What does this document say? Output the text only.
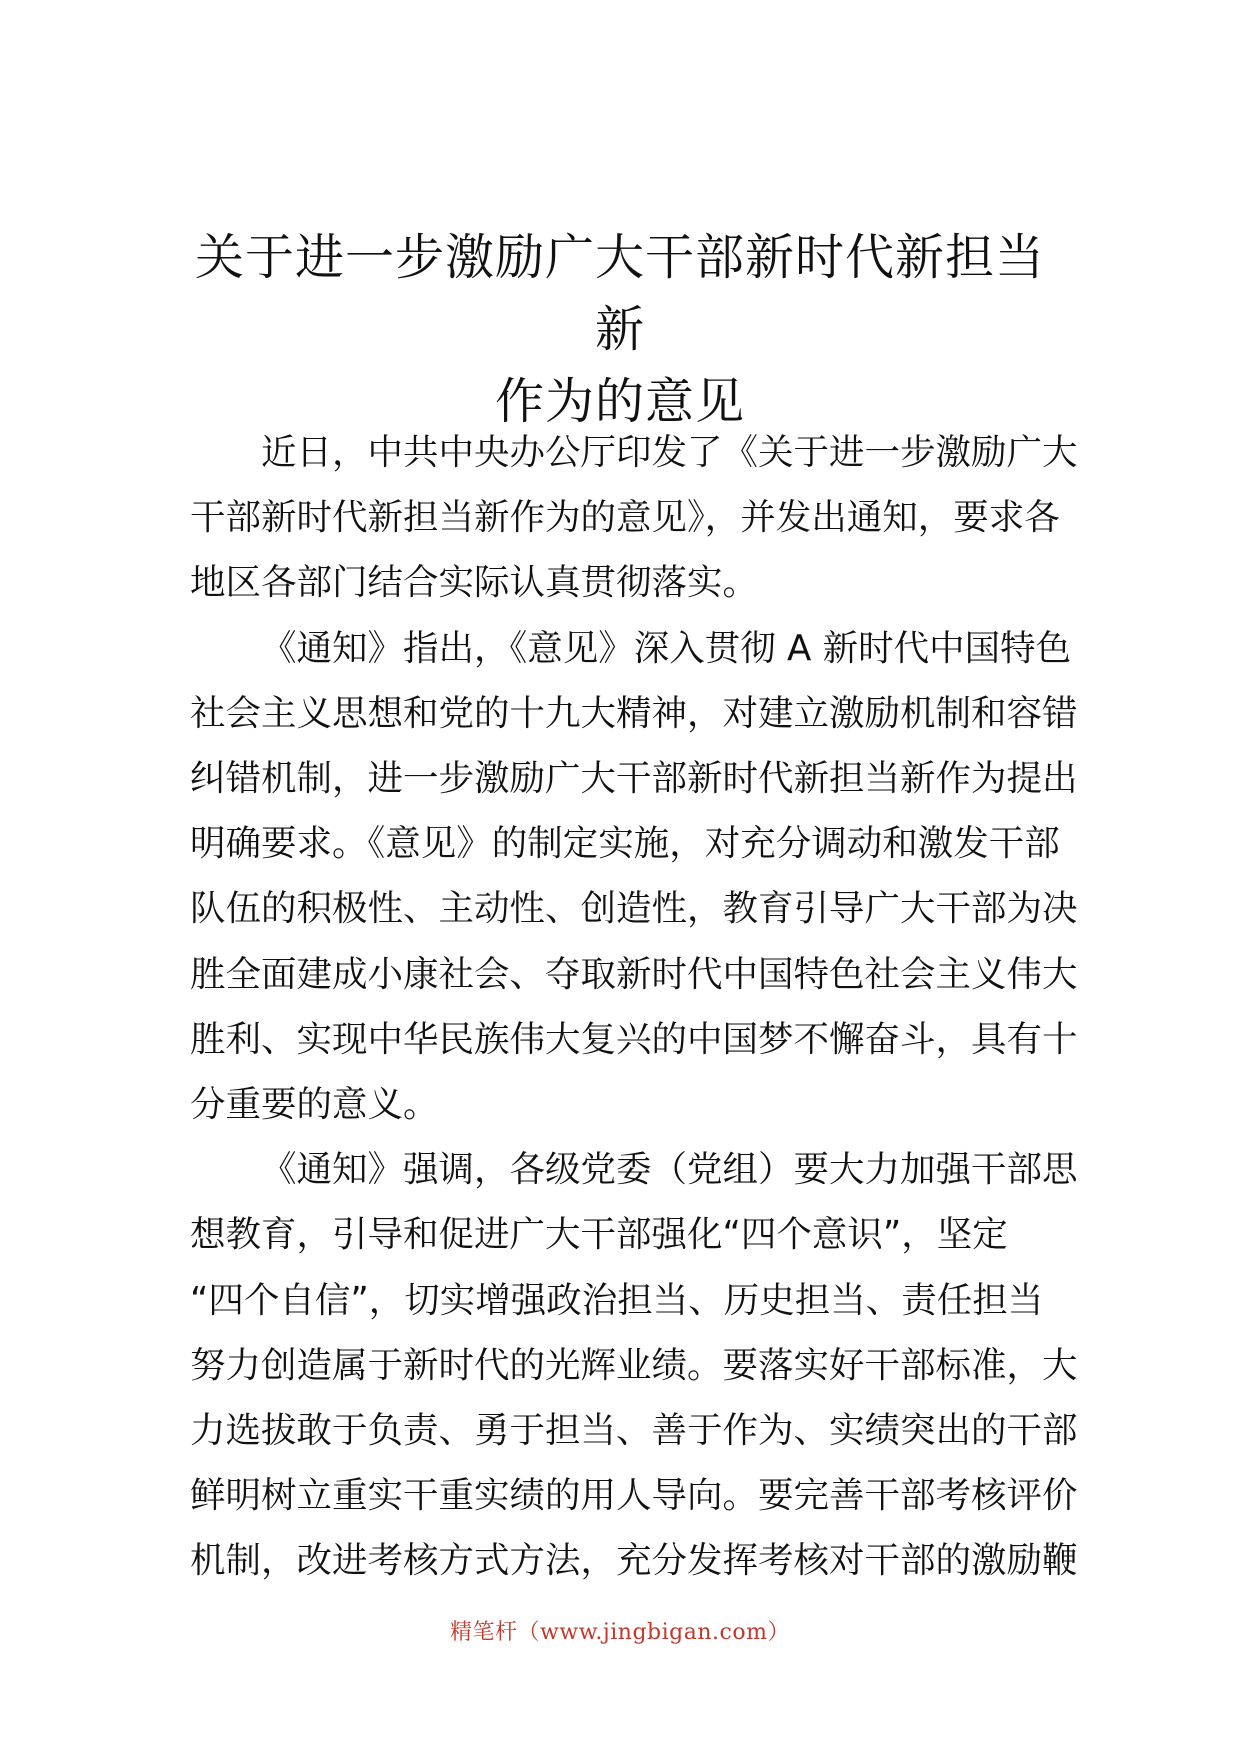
关于进一步激励广大干部新时代新担当新
作为的意见

近日，中共中央办公厅印发了《关于进一步激励广大
干部新时代新担当新作为的意见》，并发出通知，要求各
地区各部门结合实际认真贯彻落实。

《通知》指出，《意见》深入贯彻 A 新时代中国特色
社会主义思想和党的十九大精神，对建立激励机制和容错
纠错机制，进一步激励广大干部新时代新担当新作为提出
明确要求。《意见》的制定实施，对充分调动和激发干部
队伍的积极性、主动性、创造性，教育引导广大干部为决
胜全面建成小康社会、夺取新时代中国特色社会主义伟大
胜利、实现中华民族伟大复兴的中国梦不懈奋斗，具有十
分重要的意义。

《通知》强调，各级党委（党组）要大力加强干部思
想教育，引导和促进广大干部强化“四个意识”，坚定
“四个自信”，切实增强政治担当、历史担当、责任担当
努力创造属于新时代的光辉业绩。要落实好干部标准，大
力选拔敢于负责、勇于担当、善于作为、实绩突出的干部
鲜明树立重实干重实绩的用人导向。要完善干部考核评价
机制，改进考核方式方法，充分发挥考核对干部的激励鞭

精笔杆（www.jingbigan.com）
